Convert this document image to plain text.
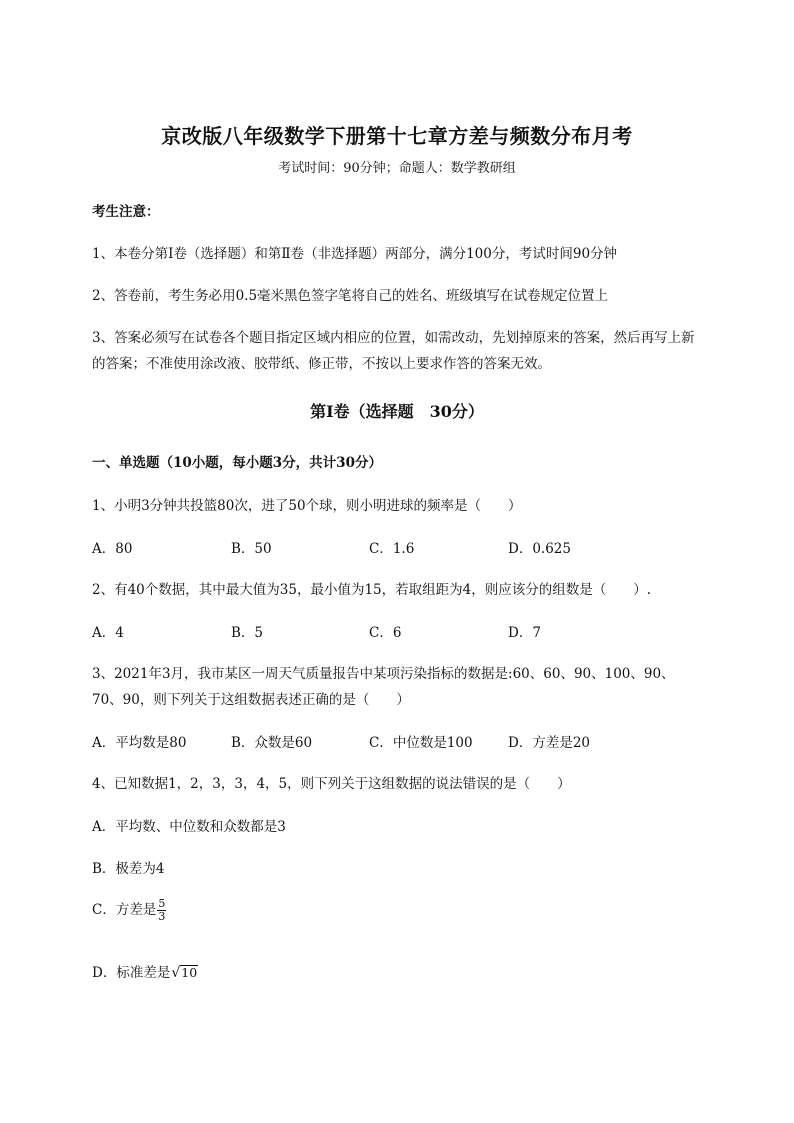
京改版八年级数学下册第十七章方差与频数分布月考
考试时间：90分钟；命题人：数学教研组
考生注意：
1、本卷分第I卷（选择题）和第Ⅱ卷（非选择题）两部分，满分100分，考试时间90分钟
2、答卷前，考生务必用0.5毫米黑色签字笔将自己的姓名、班级填写在试卷规定位置上
3、答案必须写在试卷各个题目指定区域内相应的位置，如需改动，先划掉原来的答案，然后再写上新
的答案；不准使用涂改液、胶带纸、修正带，不按以上要求作答的答案无效。
第I卷（选择题　30分）
一、单选题（10小题，每小题3分，共计30分）
1、小明3分钟共投篮80次，进了50个球，则小明进球的频率是（　　）
A．80	B．50	C．1.6	D．0.625
2、有40个数据，其中最大值为35，最小值为15，若取组距为4，则应该分的组数是（　　）.
A．4	B．5	C．6	D．7
3、2021年3月，我市某区一周天气质量报告中某项污染指标的数据是:60、60、90、100、90、
70、90，则下列关于这组数据表述正确的是（　　）
A．平均数是80	B．众数是60	C．中位数是100	D．方差是20
4、已知数据1，2，3，3，4，5，则下列关于这组数据的说法错误的是（　　）
A．平均数、中位数和众数都是3
B．极差为4
C．方差是 $\frac{5}{3}$
D．标准差是 √ 10
